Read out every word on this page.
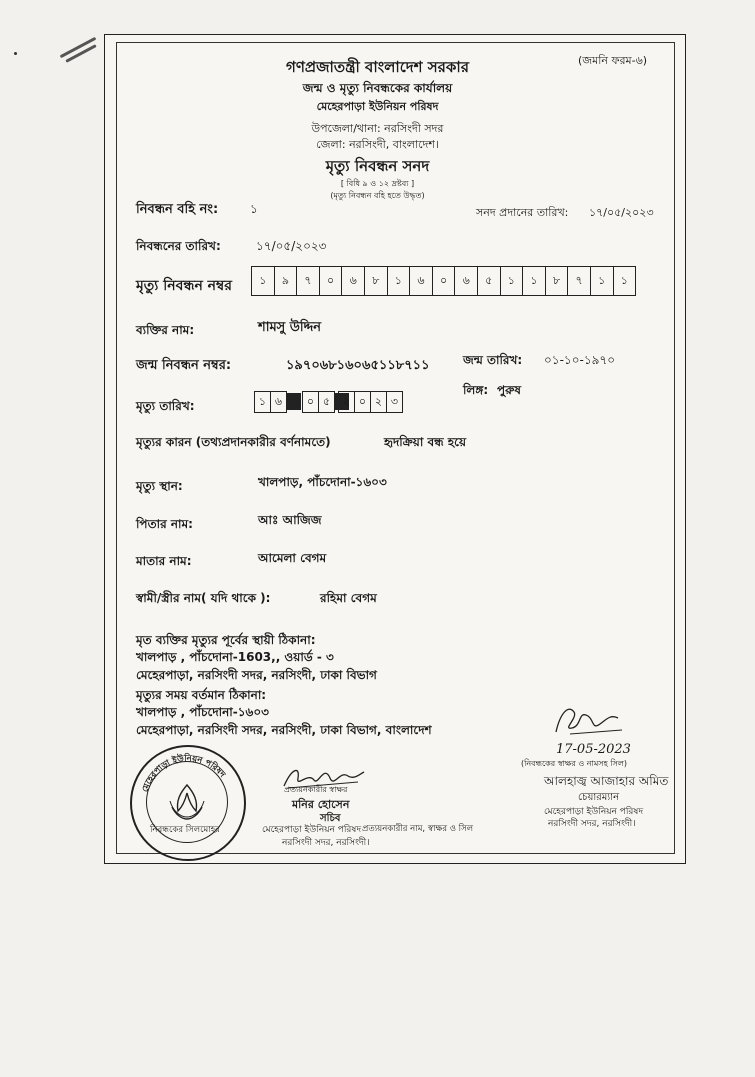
(জমনি ফরম-৬)
গণপ্রজাতন্ত্রী বাংলাদেশ সরকার
জন্ম ও মৃত্যু নিবন্ধকের কার্যালয়
মেহেরপাড়া ইউনিয়ন পরিষদ
উপজেলা/থানা: নরসিংদী সদর
জেলা: নরসিংদী, বাংলাদেশ।
মৃত্যু নিবন্ধন সনদ
[ বিধি ৯ ও ১২ দ্রষ্টব্য ]
(মৃত্যু নিবন্ধন বহি হতে উদ্ধৃত)
নিবন্ধন বহি নং:	১	সনদ প্রদানের তারিখ: ১৭/০৫/২০২৩
নিবন্ধনের তারিখ:	১৭/০৫/২০২৩
মৃত্যু নিবন্ধন নম্বর	১	৯	৭	০	৬	৮	১	৬	০	৬	৫	১	১	৮	৭	১	১
ব্যক্তির নাম:	শামসু উদ্দিন
জন্ম নিবন্ধন নম্বর:	১৯৭০৬৮১৬০৬৫১১৮৭১১	জন্ম তারিখ: ০১-১০-১৯৭০
লিঙ্গ: পুরুষ
মৃত্যু তারিখ:	১ ৬	০ ৫	২ ০ ২ ৩
মৃত্যুর কারন (তথ্যপ্রদানকারীর বর্ণনামতে)	হৃদক্রিয়া বন্ধ হয়ে
মৃত্যু স্থান:	খালপাড়, পাঁচদোনা-১৬০৩
পিতার নাম:	আঃ আজিজ
মাতার নাম:	আমেলা বেগম
স্বামী/স্ত্রীর নাম( যদি থাকে ):	রহিমা বেগম
মৃত ব্যক্তির মৃত্যুর পূর্বের স্থায়ী ঠিকানা:
খালপাড় , পাঁচদোনা-1603,, ওয়ার্ড - ৩
মেহেরপাড়া, নরসিংদী সদর, নরসিংদী, ঢাকা বিভাগ
মৃত্যুর সময় বর্তমান ঠিকানা:
খালপাড় , পাঁচদোনা-১৬০৩
মেহেরপাড়া, নরসিংদী সদর, নরসিংদী, ঢাকা বিভাগ, বাংলাদেশ
মেহেরপাড়া ইউনিয়ন পরিষদ
প্রত্যয়নকারীর স্বাক্ষর
মনির হোসেন
সচিব
নিবন্ধকের সিলমোহর	মেহেরপাড়া ইউনিয়ন পরিষদ প্রত্যয়নকারীর নাম, স্বাক্ষর ও সিল
নরসিংদী সদর, নরসিংদী।
17-05-2023
(নিবন্ধকের স্বাক্ষর ও নামসহ সিল)
আলহাজ্ব আজাহার অমিত
চেয়ারম্যান
মেহেরপাড়া ইউনিয়ন পরিষদ
নরসিংদী সদর, নরসিংদী।
